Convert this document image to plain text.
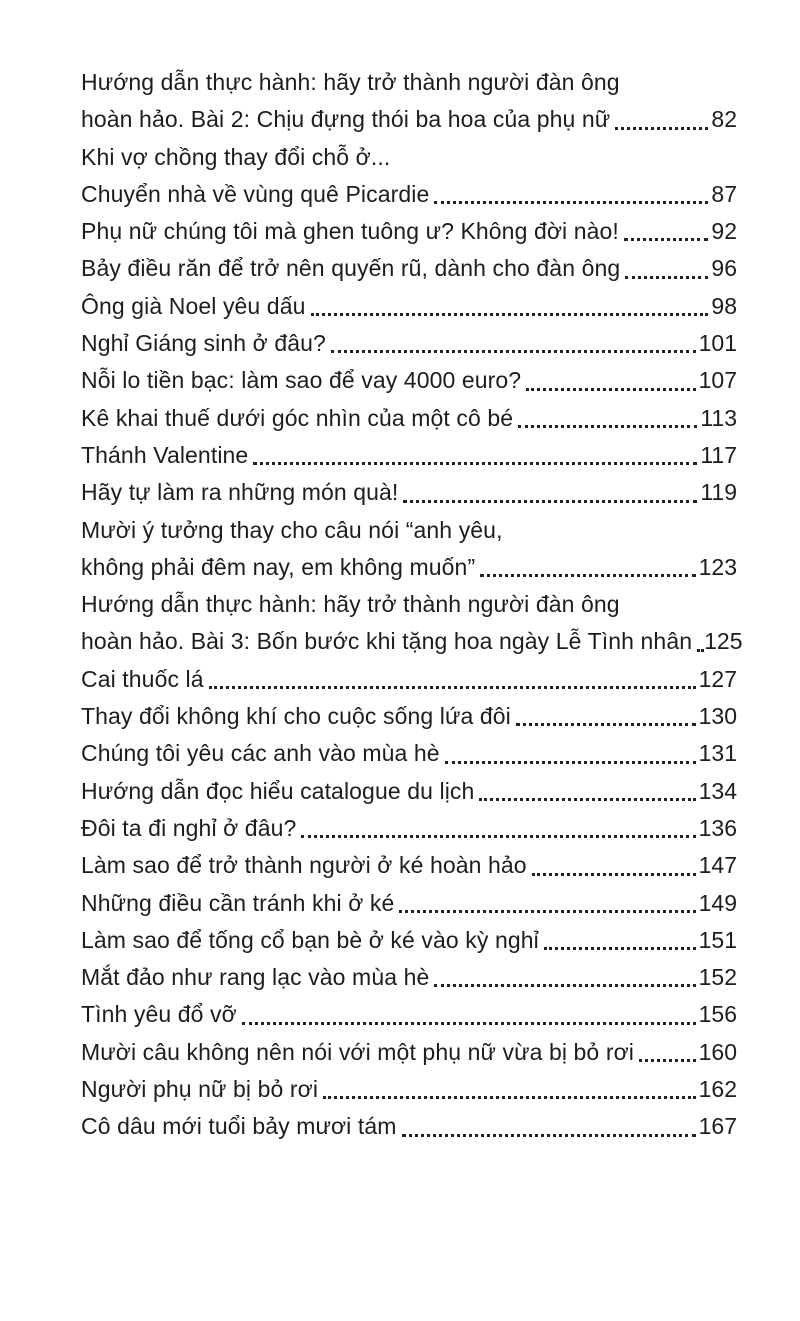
Hướng dẫn thực hành: hãy trở thành người đàn ông
hoàn hảo. Bài 2: Chịu đựng thói ba hoa của phụ nữ	82
Khi vợ chồng thay đổi chỗ ở...
Chuyển nhà về vùng quê Picardie	87
Phụ nữ chúng tôi mà ghen tuông ư? Không đời nào!	92
Bảy điều răn để trở nên quyến rũ, dành cho đàn ông	96
Ông già Noel yêu dấu	98
Nghỉ Giáng sinh ở đâu?	101
Nỗi lo tiền bạc: làm sao để vay 4000 euro?	107
Kê khai thuế dưới góc nhìn của một cô bé	113
Thánh Valentine	117
Hãy tự làm ra những món quà!	119
Mười ý tưởng thay cho câu nói “anh yêu,
không phải đêm nay, em không muốn”	123
Hướng dẫn thực hành: hãy trở thành người đàn ông
hoàn hảo. Bài 3: Bốn bước khi tặng hoa ngày Lễ Tình nhân 125
Cai thuốc lá	127
Thay đổi không khí cho cuộc sống lứa đôi	130
Chúng tôi yêu các anh vào mùa hè	131
Hướng dẫn đọc hiểu catalogue du lịch	134
Đôi ta đi nghỉ ở đâu?	136
Làm sao để trở thành người ở ké hoàn hảo	147
Những điều cần tránh khi ở ké	149
Làm sao để tống cổ bạn bè ở ké vào kỳ nghỉ	151
Mắt đảo như rang lạc vào mùa hè	152
Tình yêu đổ vỡ	156
Mười câu không nên nói với một phụ nữ vừa bị bỏ rơi	160
Người phụ nữ bị bỏ rơi	162
Cô dâu mới tuổi bảy mươi tám	167
